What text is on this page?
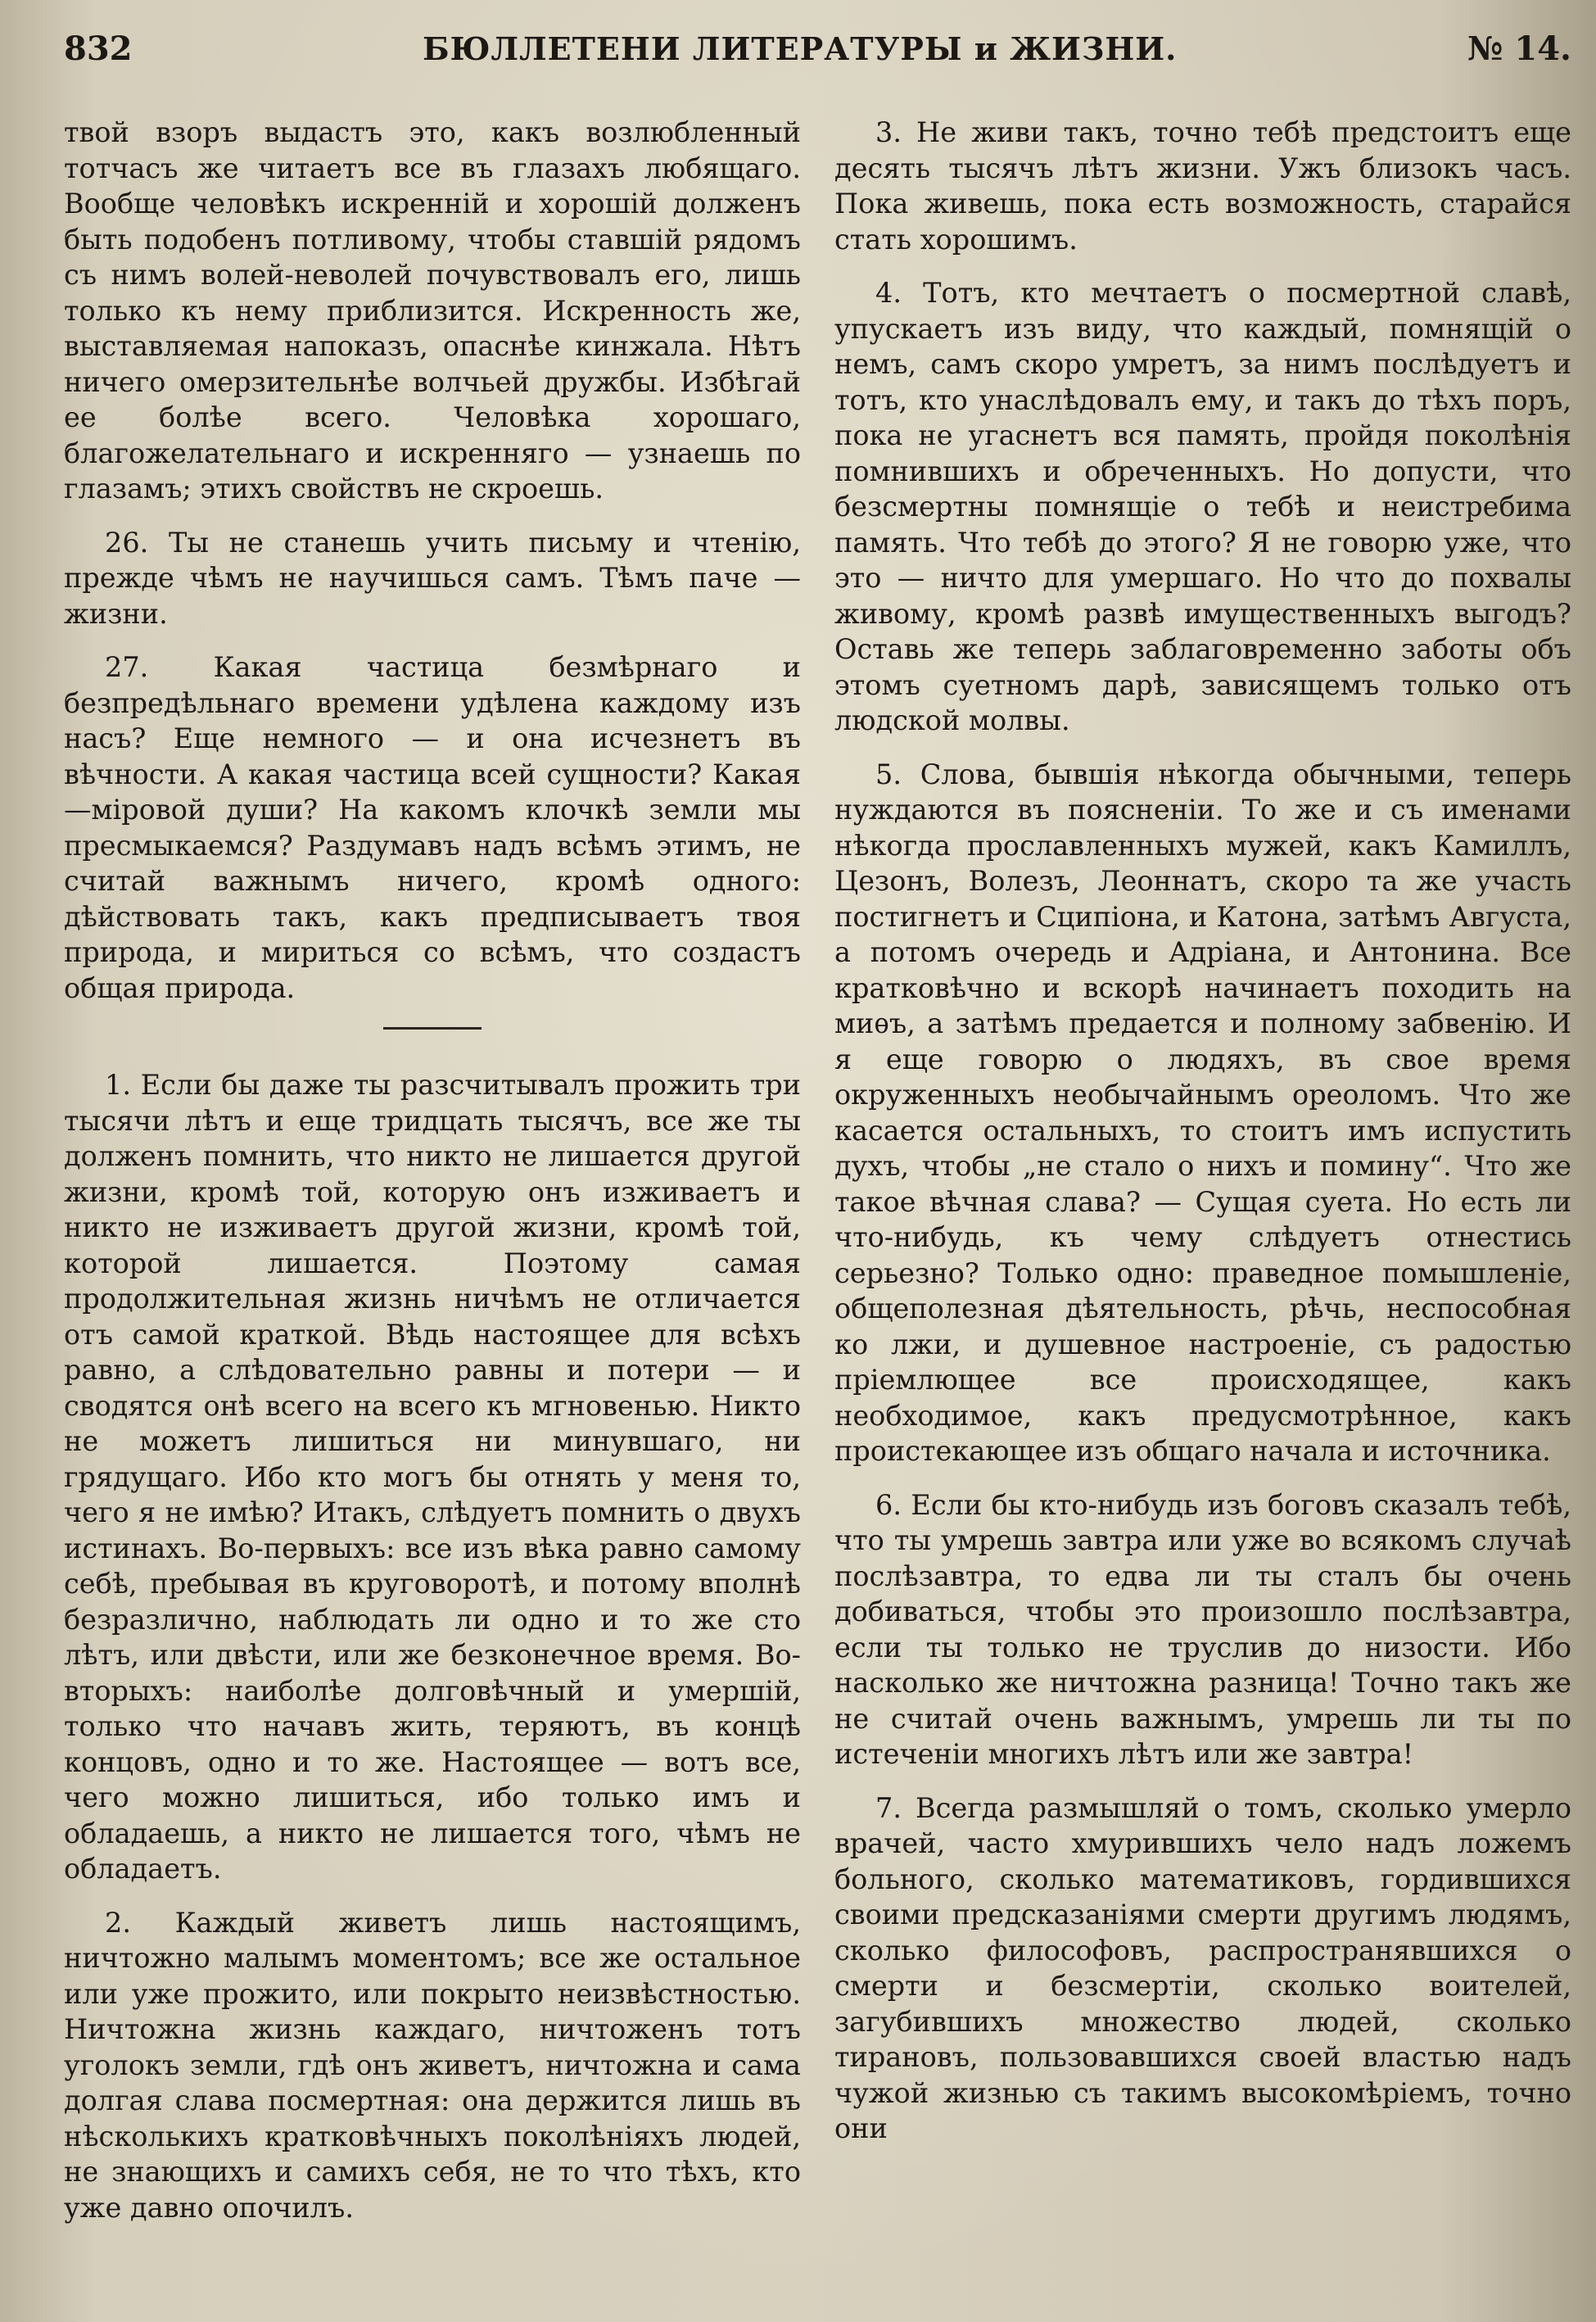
832	БЮЛЛЕТЕНИ ЛИТЕРАТУРЫ и ЖИЗНИ.	№ 14.

твой взоръ выдастъ это, какъ возлюбленный тотчасъ же читаетъ все въ глазахъ любящаго. Вообще человѣкъ искренній и хорошій долженъ быть подобенъ потливому, чтобы ставшій рядомъ съ нимъ волей-неволей почувствовалъ его, лишь только къ нему приблизится. Искренность же, выставляемая напоказъ, опаснѣе кинжала. Нѣтъ ничего омерзительнѣе волчьей дружбы. Избѣгай ее болѣе всего. Человѣка хорошаго, благожелательнаго и искренняго — узнаешь по глазамъ; этихъ свойствъ не скроешь.

26. Ты не станешь учить письму и чтенію, прежде чѣмъ не научишься самъ. Тѣмъ паче — жизни.

27. Какая частица безмѣрнаго и безпредѣльнаго времени удѣлена каждому изъ насъ? Еще немного — и она исчезнетъ въ вѣчности. А какая частица всей сущности? Какая—міровой души? На какомъ клочкѣ земли мы пресмыкаемся? Раздумавъ надъ всѣмъ этимъ, не считай важнымъ ничего, кромѣ одного: дѣйствовать такъ, какъ предписываетъ твоя природа, и мириться со всѣмъ, что создастъ общая природа.

1. Если бы даже ты разсчитывалъ прожить три тысячи лѣтъ и еще тридцать тысячъ, все же ты долженъ помнить, что никто не лишается другой жизни, кромѣ той, которую онъ изживаетъ и никто не изживаетъ другой жизни, кромѣ той, которой лишается. Поэтому самая продолжительная жизнь ничѣмъ не отличается отъ самой краткой. Вѣдь настоящее для всѣхъ равно, а слѣдовательно равны и потери — и сводятся онѣ всего на всего къ мгновенью. Никто не можетъ лишиться ни минувшаго, ни грядущаго. Ибо кто могъ бы отнять у меня то, чего я не имѣю? Итакъ, слѣдуетъ помнить о двухъ истинахъ. Во-первыхъ: все изъ вѣка равно самому себѣ, пребывая въ круговоротѣ, и потому вполнѣ безразлично, наблюдать ли одно и то же сто лѣтъ, или двѣсти, или же безконечное время. Во-вторыхъ: наиболѣе долговѣчный и умершій, только что начавъ жить, теряютъ, въ концѣ концовъ, одно и то же. Настоящее — вотъ все, чего можно лишиться, ибо только имъ и обладаешь, а никто не лишается того, чѣмъ не обладаетъ.

2. Каждый живетъ лишь настоящимъ, ничтожно малымъ моментомъ; все же остальное или уже прожито, или покрыто неизвѣстностью. Ничтожна жизнь каждаго, ничтоженъ тотъ уголокъ земли, гдѣ онъ живетъ, ничтожна и сама долгая слава посмертная: она держится лишь въ нѣсколькихъ кратковѣчныхъ поколѣніяхъ людей, не знающихъ и самихъ себя, не то что тѣхъ, кто уже давно опочилъ.

3. Не живи такъ, точно тебѣ предстоитъ еще десять тысячъ лѣтъ жизни. Ужъ близокъ часъ. Пока живешь, пока есть возможность, старайся стать хорошимъ.

4. Тотъ, кто мечтаетъ о посмертной славѣ, упускаетъ изъ виду, что каждый, помнящій о немъ, самъ скоро умретъ, за нимъ послѣдуетъ и тотъ, кто унаслѣдовалъ ему, и такъ до тѣхъ поръ, пока не угаснетъ вся память, пройдя поколѣнія помнившихъ и обреченныхъ. Но допусти, что безсмертны помнящіе о тебѣ и неистребима память. Что тебѣ до этого? Я не говорю уже, что это — ничто для умершаго. Но что до похвалы живому, кромѣ развѣ имущественныхъ выгодъ? Оставь же теперь заблаговременно заботы объ этомъ суетномъ дарѣ, зависящемъ только отъ людской молвы.

5. Слова, бывшія нѣкогда обычными, теперь нуждаются въ поясненіи. То же и съ именами нѣкогда прославленныхъ мужей, какъ Камиллъ, Цезонъ, Волезъ, Леоннатъ, скоро та же участь постигнетъ и Сципіона, и Катона, затѣмъ Августа, а потомъ очередь и Адріана, и Антонина. Все кратковѣчно и вскорѣ начинаетъ походить на миѳъ, а затѣмъ предается и полному забвенію. И я еще говорю о людяхъ, въ свое время окруженныхъ необычайнымъ ореоломъ. Что же касается остальныхъ, то стоитъ имъ испустить духъ, чтобы „не стало о нихъ и помину“. Что же такое вѣчная слава? — Сущая суета. Но есть ли что-нибудь, къ чему слѣдуетъ отнестись серьезно? Только одно: праведное помышленіе, общеполезная дѣятельность, рѣчь, неспособная ко лжи, и душевное настроеніе, съ радостью пріемлющее все происходящее, какъ необходимое, какъ предусмотрѣнное, какъ проистекающее изъ общаго начала и источника.

6. Если бы кто-нибудь изъ боговъ сказалъ тебѣ, что ты умрешь завтра или уже во всякомъ случаѣ послѣзавтра, то едва ли ты сталъ бы очень добиваться, чтобы это произошло послѣзавтра, если ты только не труслив до низости. Ибо насколько же ничтожна разница! Точно такъ же не считай очень важнымъ, умрешь ли ты по истеченіи многихъ лѣтъ или же завтра!

7. Всегда размышляй о томъ, сколько умерло врачей, часто хмурившихъ чело надъ ложемъ больного, сколько математиковъ, гордившихся своими предсказаніями смерти другимъ людямъ, сколько философовъ, распространявшихся о смерти и безсмертіи, сколько воителей, загубившихъ множество людей, сколько тирановъ, пользовавшихся своей властью надъ чужой жизнью съ такимъ высокомѣріемъ, точно они
